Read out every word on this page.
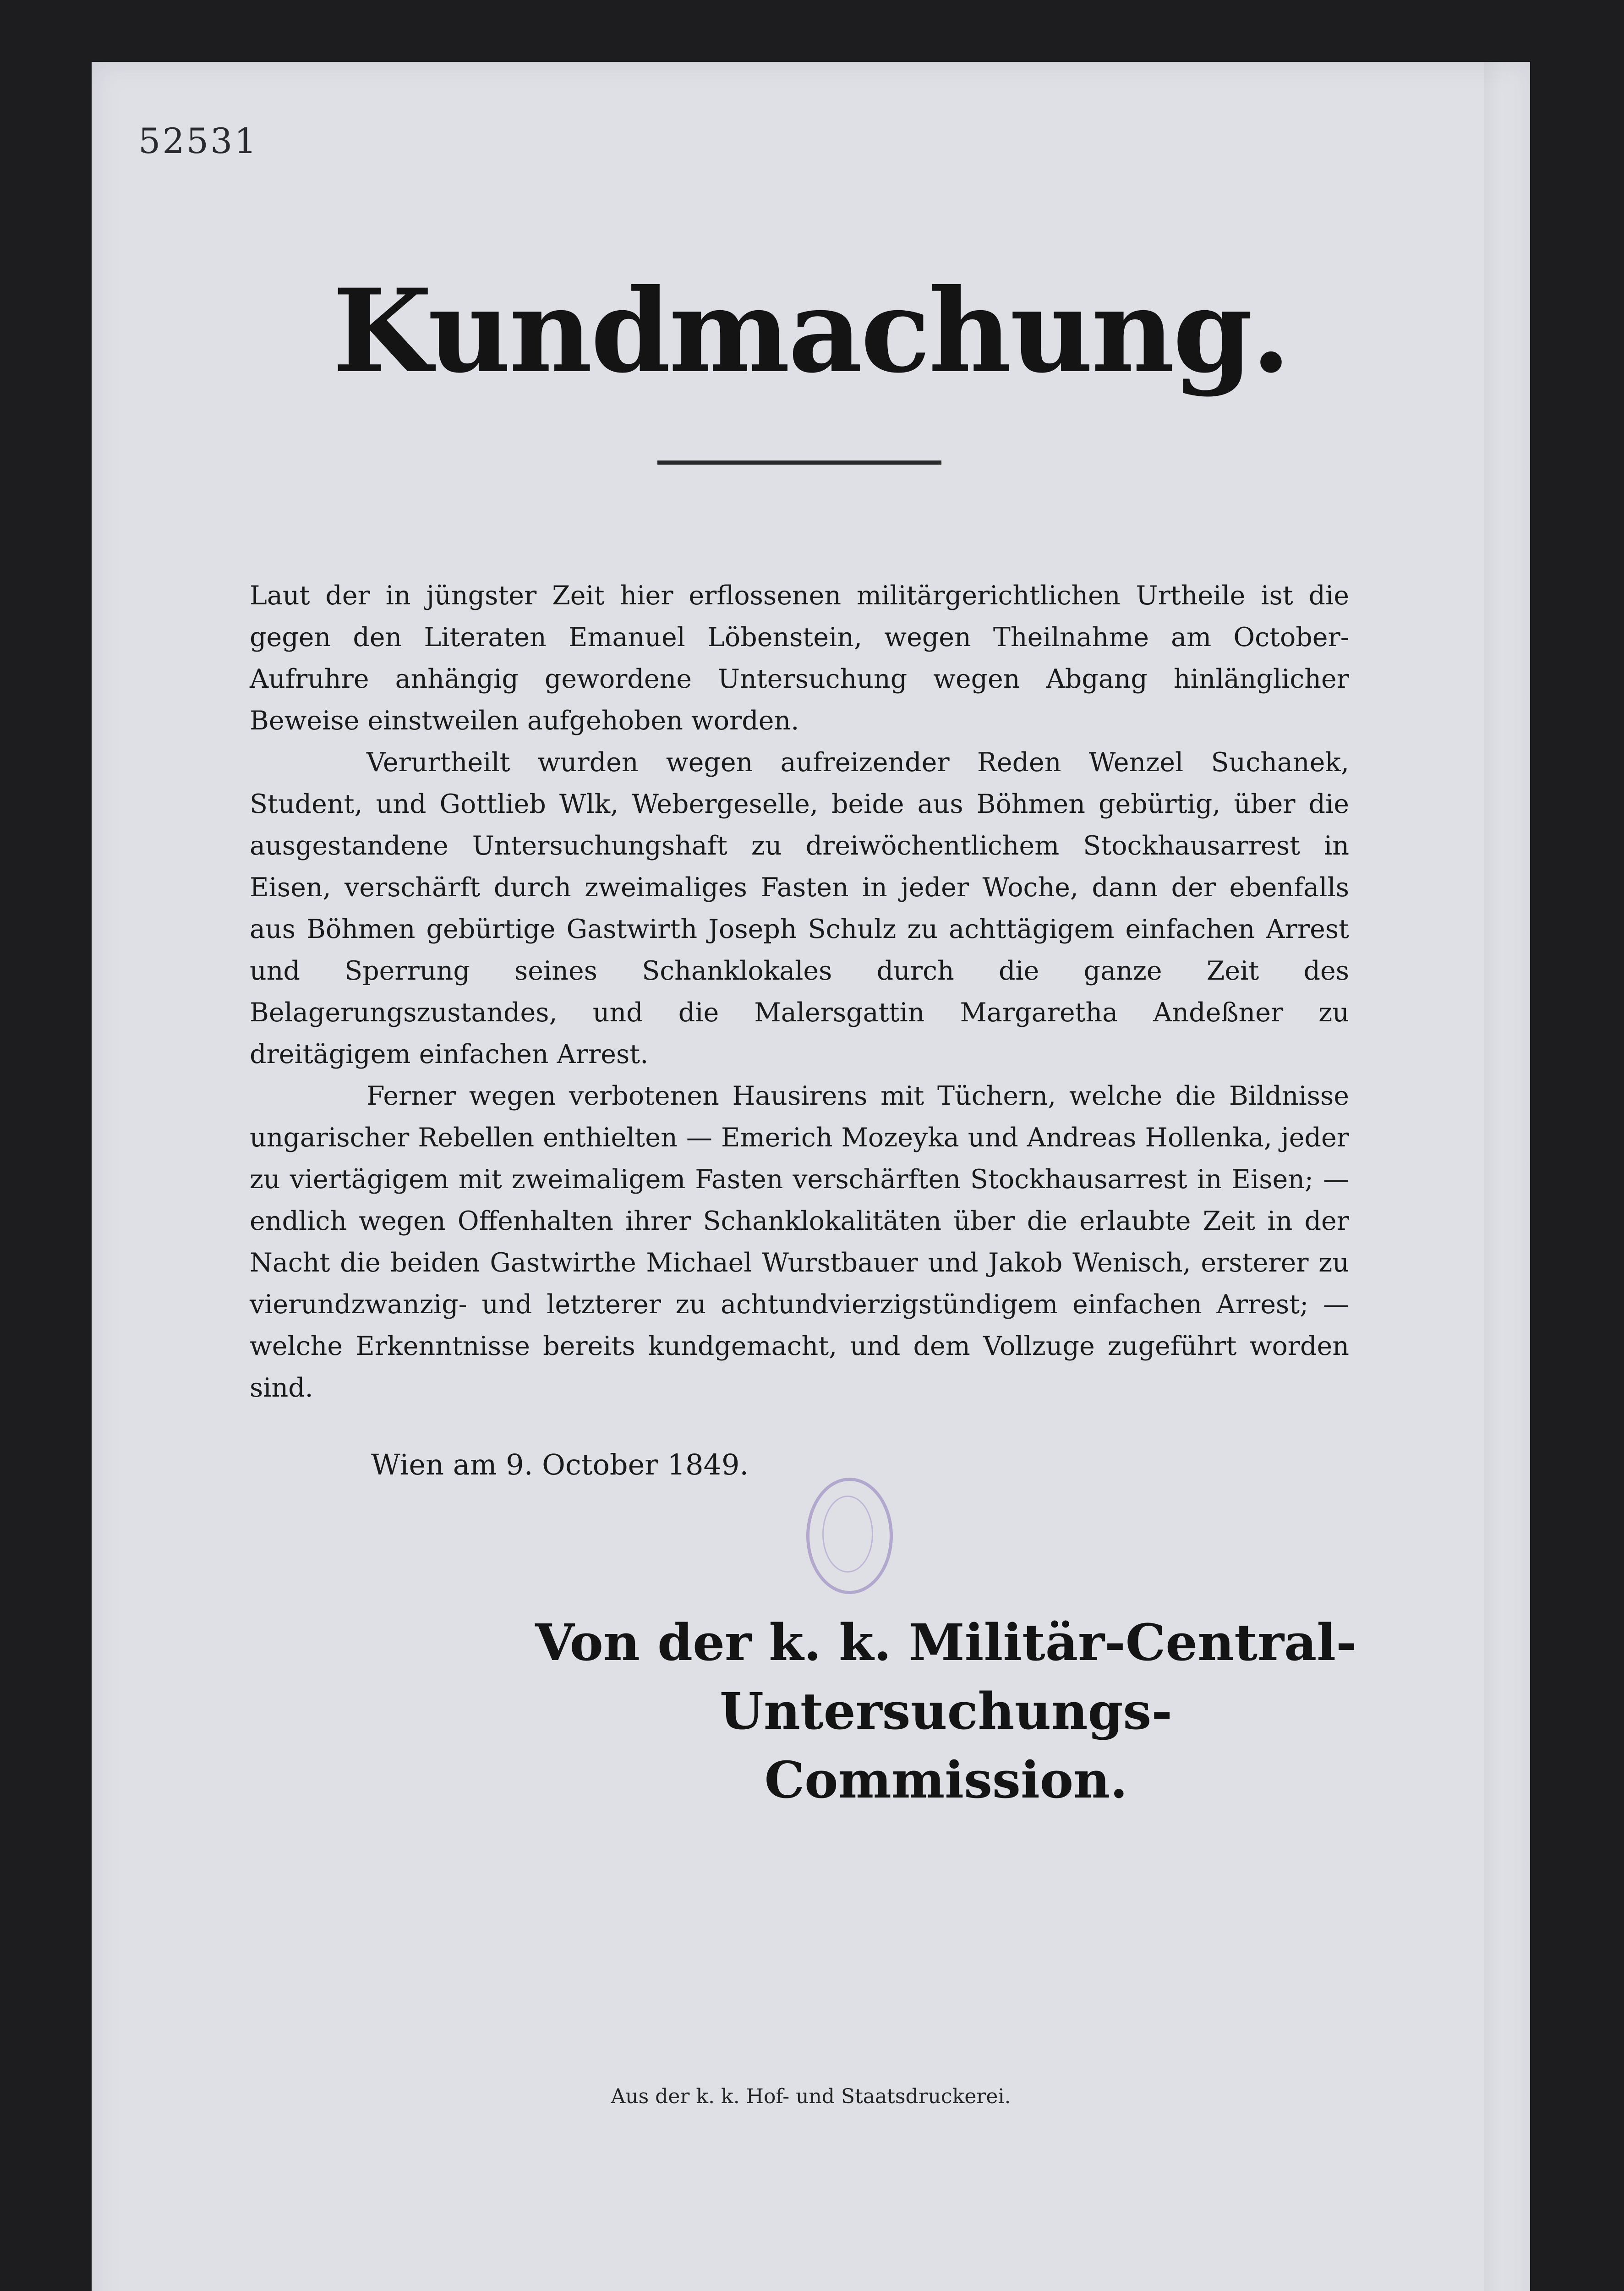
52531
Kundmachung.

Laut der in jüngster Zeit hier erflossenen militärgerichtlichen Urtheile ist die gegen den Literaten Emanuel Löbenstein, wegen Theilnahme am October-Aufruhre anhängig gewordene Untersuchung wegen Abgang hinlänglicher Beweise einstweilen aufgehoben worden.

Verurtheilt wurden wegen aufreizender Reden Wenzel Suchanek, Student, und Gottlieb Wlk, Webergeselle, beide aus Böhmen gebürtig, über die ausgestandene Untersuchungshaft zu dreiwöchentlichem Stockhausarrest in Eisen, verschärft durch zweimaliges Fasten in jeder Woche, dann der ebenfalls aus Böhmen gebürtige Gastwirth Joseph Schulz zu achttägigem einfachen Arrest und Sperrung seines Schanklokales durch die ganze Zeit des Belagerungszustandes, und die Malersgattin Margaretha Andeßner zu dreitägigem einfachen Arrest.

Ferner wegen verbotenen Hausirens mit Tüchern, welche die Bildnisse ungarischer Rebellen enthielten — Emerich Mozeyka und Andreas Hollenka, jeder zu viertägigem mit zweimaligem Fasten verschärften Stockhausarrest in Eisen; — endlich wegen Offenhalten ihrer Schanklokalitäten über die erlaubte Zeit in der Nacht die beiden Gastwirthe Michael Wurstbauer und Jakob Wenisch, ersterer zu vierundzwanzig- und letzterer zu achtundvierzigstündigem einfachen Arrest; — welche Erkenntnisse bereits kundgemacht, und dem Vollzuge zugeführt worden sind.

Wien am 9. October 1849.
Von der k. k. Militär-Central-Untersuchungs-
Commission.
Aus der k. k. Hof- und Staatsdruckerei.
